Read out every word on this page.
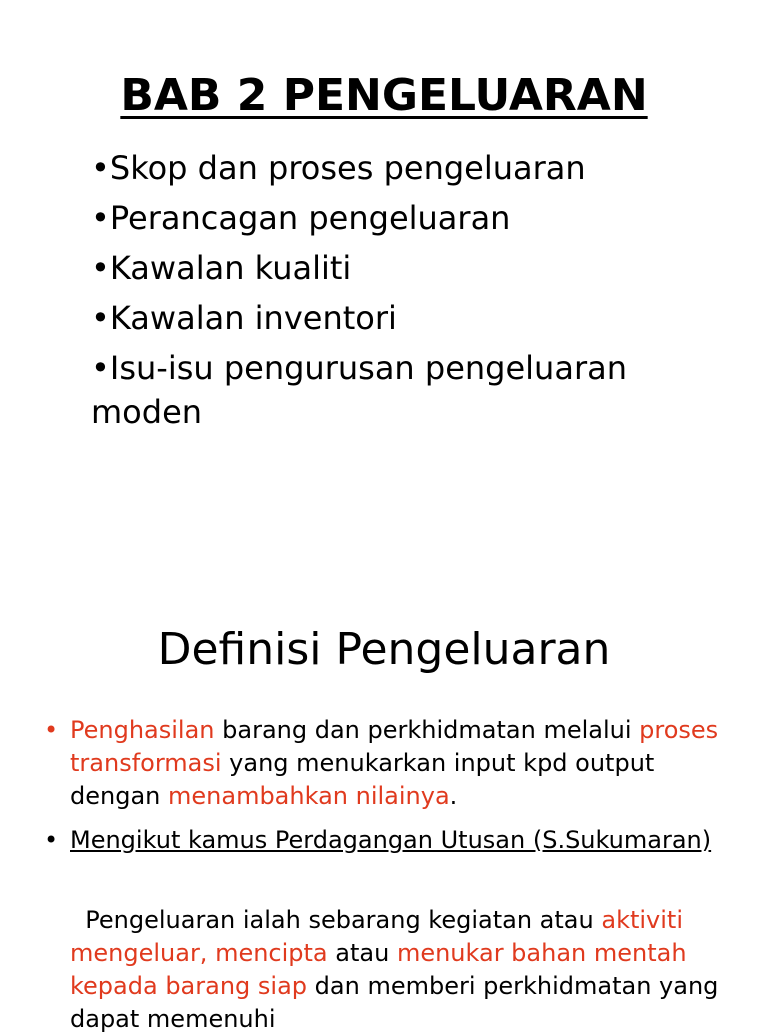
BAB 2 PENGELUARAN
•Skop dan proses pengeluaran
•Perancagan pengeluaran
•Kawalan kualiti
•Kawalan inventori
•Isu-isu pengurusan pengeluaran moden
Definisi Pengeluaran
• Penghasilan barang dan perkhidmatan melalui proses transformasi yang menukarkan input kpd output dengan menambahkan nilainya.
• Mengikut kamus Perdagangan Utusan (S.Sukumaran)
Pengeluaran ialah sebarang kegiatan atau aktiviti mengeluar, mencipta atau menukar bahan mentah kepada barang siap dan memberi perkhidmatan yang dapat memenuhi
